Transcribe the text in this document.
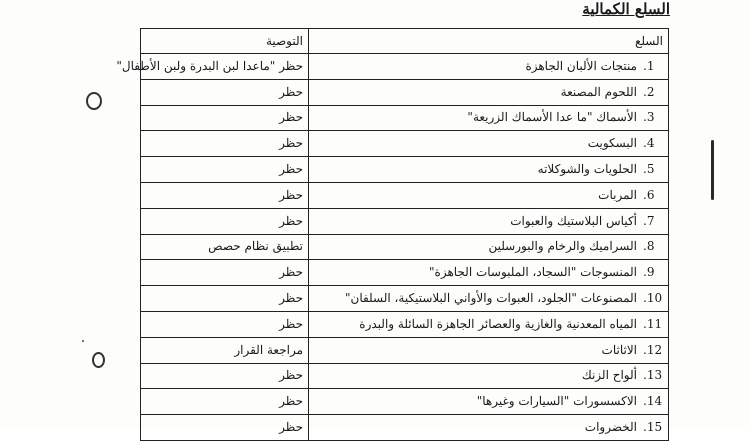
السلع الكمالية
السلع	التوصية
1.منتجات الألبان الجاهزة	حظر "ماعدا لبن البدرة ولبن الأطفال"
2.اللحوم المصنعة	حظر
3.الأسماك "ما عدا الأسماك الزريعة"	حظر
4.البسكويت	حظر
5.الحلويات والشوكلاته	حظر
6.المربات	حظر
7.أكياس البلاستيك والعبوات	حظر
8.السراميك والرخام والبورسلين	تطبيق نظام حصص
9.المنسوجات "السجاد، الملبوسات الجاهزة"	حظر
10.المصنوعات "الجلود، العبوات والأواني البلاستيكية، السلفان"	حظر
11.المياه المعدنية والغازية والعصائر الجاهزة السائلة والبدرة	حظر
12.الاثاثات	مراجعة القرار
13.ألواح الزنك	حظر
14.الاكسسورات "السيارات وغيرها"	حظر
15.الخضروات	حظر
